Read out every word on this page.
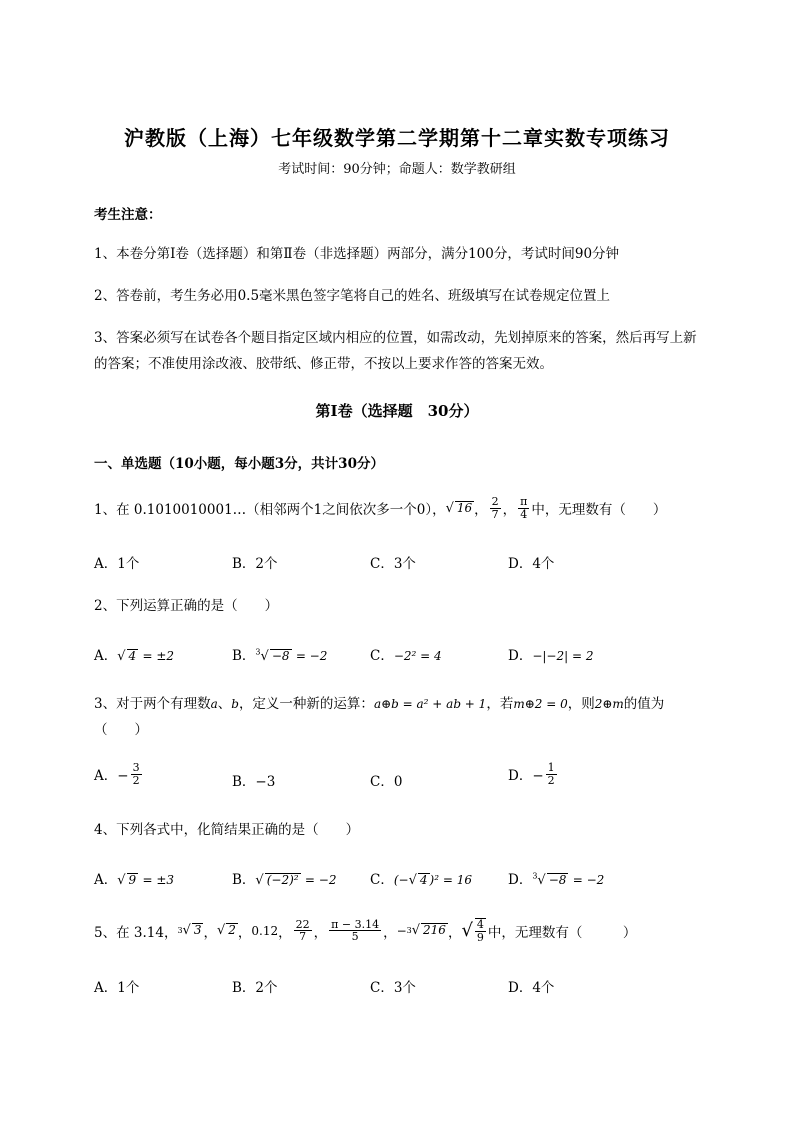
沪教版（上海）七年级数学第二学期第十二章实数专项练习
考试时间：90分钟；命题人：数学教研组
考生注意：
1、本卷分第I卷（选择题）和第Ⅱ卷（非选择题）两部分，满分100分，考试时间90分钟
2、答卷前，考生务必用0.5毫米黑色签字笔将自己的姓名、班级填写在试卷规定位置上
3、答案必须写在试卷各个题目指定区域内相应的位置，如需改动，先划掉原来的答案，然后再写上新
的答案；不准使用涂改液、胶带纸、修正带，不按以上要求作答的答案无效。
第I卷（选择题　30分）
一、单选题（10小题，每小题3分，共计30分）
1、在 0.1010010001…（相邻两个1之间依次多一个0）， √ 16 ， $\frac{2}{7}$ ， $\frac{\pi}{4}$ 中，无理数有（　　）
A．1个	B．2个	C．3个	D．4个
2、下列运算正确的是（　　）
A．√ 4 = ±2	B．$^3$√ −8 = −2	C．−2² = 4	D．−|−2| = 2
3、对于两个有理数a、b，定义一种新的运算：a⊕b = a² + ab + 1，若m⊕2 = 0，则2⊕m的值为
（　　）
A．− $\frac{3}{2}$	B．−3	C．0	D．− $\frac{1}{2}$
4、下列各式中，化简结果正确的是（　　）
A．√ 9 = ±3	B．√ (−2)² = −2 C．(−√ 4 )² = 16	D．$^3$√ −8 = −2
5、在 3.14， 3 √ 3 ， √ 2 ， 0.12 ， $\frac{22}{7}$ ， $\frac{\pi - 3.14}{5}$ ， − 3 √ 216 ， √ $\frac{4}{9}$ 中，无理数有（　　　）
A．1个	B．2个	C．3个	D．4个
